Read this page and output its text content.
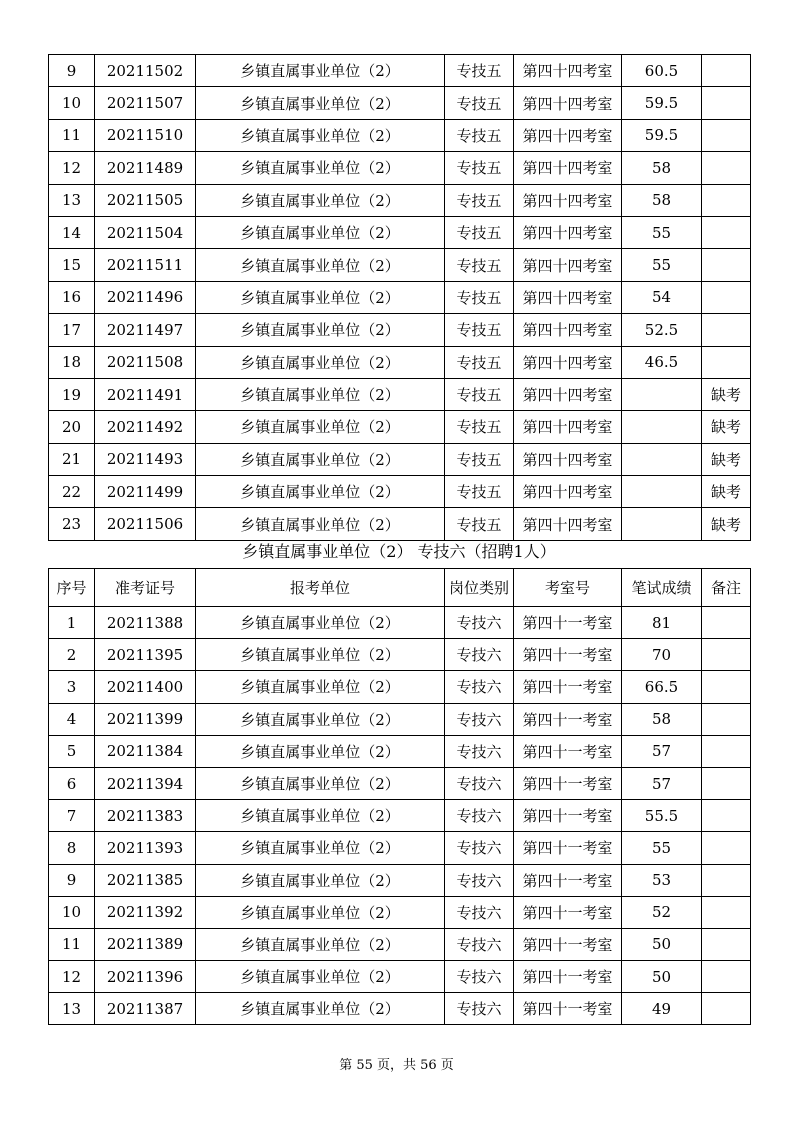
9	20211502	乡镇直属事业单位（2）	专技五	第四十四考室	60.5	
10	20211507	乡镇直属事业单位（2）	专技五	第四十四考室	59.5	
11	20211510	乡镇直属事业单位（2）	专技五	第四十四考室	59.5	
12	20211489	乡镇直属事业单位（2）	专技五	第四十四考室	58	
13	20211505	乡镇直属事业单位（2）	专技五	第四十四考室	58	
14	20211504	乡镇直属事业单位（2）	专技五	第四十四考室	55	
15	20211511	乡镇直属事业单位（2）	专技五	第四十四考室	55	
16	20211496	乡镇直属事业单位（2）	专技五	第四十四考室	54	
17	20211497	乡镇直属事业单位（2）	专技五	第四十四考室	52.5	
18	20211508	乡镇直属事业单位（2）	专技五	第四十四考室	46.5	
19	20211491	乡镇直属事业单位（2）	专技五	第四十四考室		缺考
20	20211492	乡镇直属事业单位（2）	专技五	第四十四考室		缺考
21	20211493	乡镇直属事业单位（2）	专技五	第四十四考室		缺考
22	20211499	乡镇直属事业单位（2）	专技五	第四十四考室		缺考
23	20211506	乡镇直属事业单位（2）	专技五	第四十四考室		缺考
乡镇直属事业单位（2） 专技六（招聘1人）
序号	准考证号	报考单位	岗位类别	考室号	笔试成绩	备注
1	20211388	乡镇直属事业单位（2）	专技六	第四十一考室	81	
2	20211395	乡镇直属事业单位（2）	专技六	第四十一考室	70	
3	20211400	乡镇直属事业单位（2）	专技六	第四十一考室	66.5	
4	20211399	乡镇直属事业单位（2）	专技六	第四十一考室	58	
5	20211384	乡镇直属事业单位（2）	专技六	第四十一考室	57	
6	20211394	乡镇直属事业单位（2）	专技六	第四十一考室	57	
7	20211383	乡镇直属事业单位（2）	专技六	第四十一考室	55.5	
8	20211393	乡镇直属事业单位（2）	专技六	第四十一考室	55	
9	20211385	乡镇直属事业单位（2）	专技六	第四十一考室	53	
10	20211392	乡镇直属事业单位（2）	专技六	第四十一考室	52	
11	20211389	乡镇直属事业单位（2）	专技六	第四十一考室	50	
12	20211396	乡镇直属事业单位（2）	专技六	第四十一考室	50	
13	20211387	乡镇直属事业单位（2）	专技六	第四十一考室	49	
第 55 页，共 56 页
